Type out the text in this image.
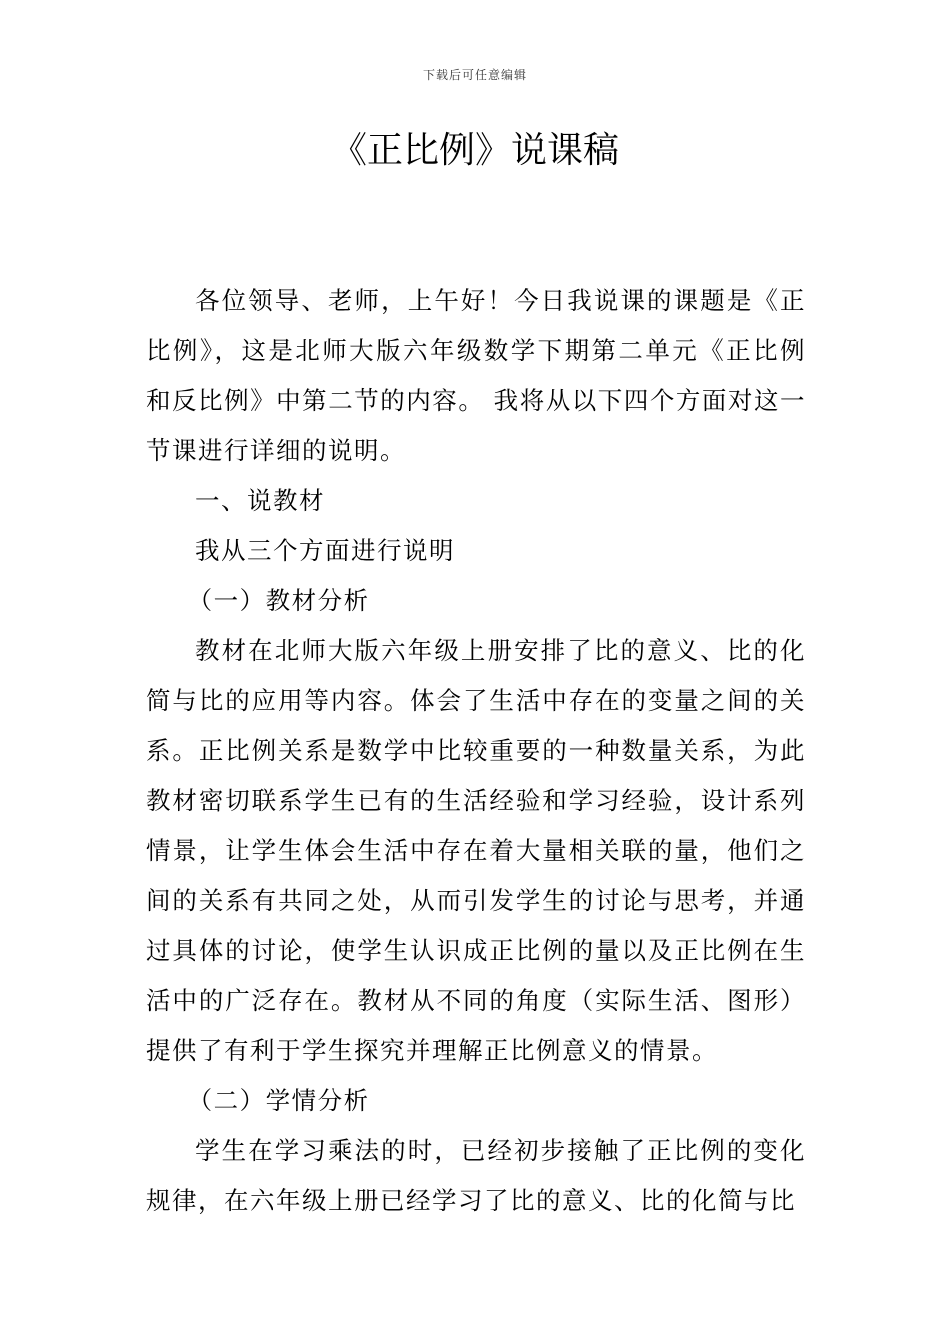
下载后可任意编辑
《正比例》说课稿

各位领导、老师，上午好！今日我说课的课题是《正比例》，这是北师大版六年级数学下期第二单元《正比例和反比例》中第二节的内容。 我将从以下四个方面对这一节课进行详细的说明。

一、说教材

我从三个方面进行说明

（一）教材分析

教材在北师大版六年级上册安排了比的意义、比的化简与比的应用等内容。体会了生活中存在的变量之间的关系。正比例关系是数学中比较重要的一种数量关系，为此教材密切联系学生已有的生活经验和学习经验，设计系列情景，让学生体会生活中存在着大量相关联的量，他们之间的关系有共同之处，从而引发学生的讨论与思考，并通过具体的讨论，使学生认识成正比例的量以及正比例在生活中的广泛存在。教材从不同的角度（实际生活、图形）提供了有利于学生探究并理解正比例意义的情景。

（二）学情分析

学生在学习乘法的时，已经初步接触了正比例的变化规律，在六年级上册已经学习了比的意义、比的化简与比
